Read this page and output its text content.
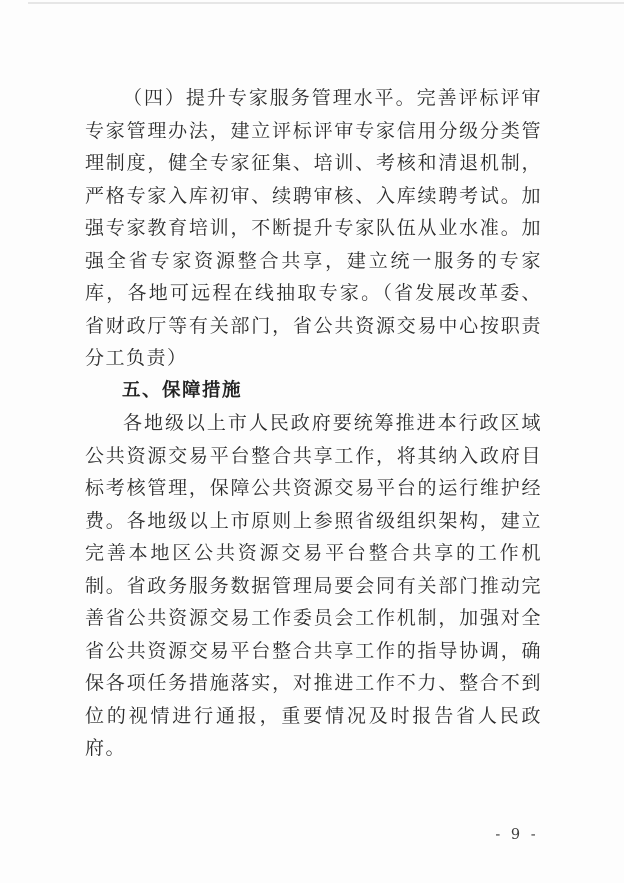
（四）提升专家服务管理水平。完善评标评审专家管理办法，建立评标评审专家信用分级分类管理制度，健全专家征集、培训、考核和清退机制，严格专家入库初审、续聘审核、入库续聘考试。加强专家教育培训，不断提升专家队伍从业水准。加强全省专家资源整合共享，建立统一服务的专家库，各地可远程在线抽取专家。（省发展改革委、省财政厅等有关部门，省公共资源交易中心按职责分工负责）

五、保障措施

各地级以上市人民政府要统筹推进本行政区域公共资源交易平台整合共享工作，将其纳入政府目标考核管理，保障公共资源交易平台的运行维护经费。各地级以上市原则上参照省级组织架构，建立完善本地区公共资源交易平台整合共享的工作机制。省政务服务数据管理局要会同有关部门推动完善省公共资源交易工作委员会工作机制，加强对全省公共资源交易平台整合共享工作的指导协调，确保各项任务措施落实，对推进工作不力、整合不到位的视情进行通报，重要情况及时报告省人民政府。

- 9 -
